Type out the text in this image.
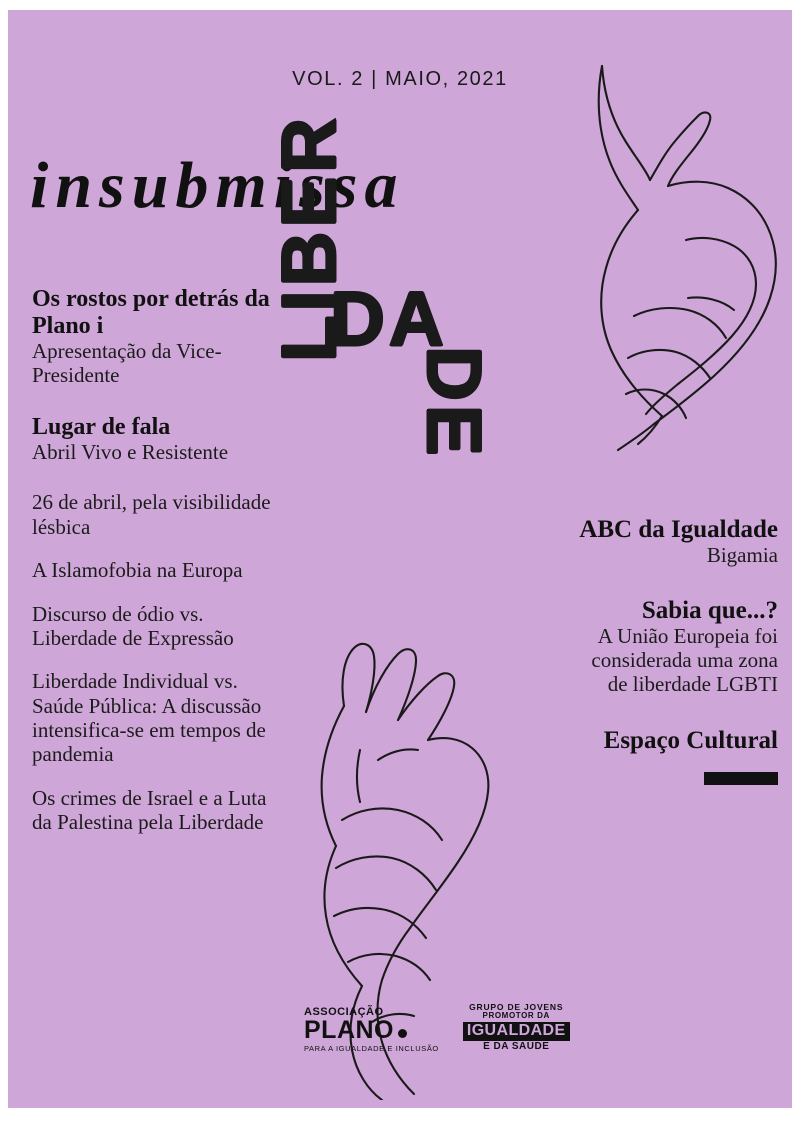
VOL. 2 | MAIO, 2021
insubmissa
LIBER
DA
DE
Os rostos por detrás da Plano i
Apresentação da Vice-Presidente
Lugar de fala
Abril Vivo e Resistente
26 de abril, pela visibilidade lésbica
A Islamofobia na Europa
Discurso de ódio vs. Liberdade de Expressão
Liberdade Individual vs. Saúde Pública: A discussão intensifica-se em tempos de pandemia
Os crimes de Israel e a Luta da Palestina pela Liberdade
ABC da Igualdade
Bigamia
Sabia que...?
A União Europeia foi considerada uma zona de liberdade LGBTI
Espaço Cultural
ASSOCIAÇÃO
PLANO
PARA A IGUALDADE E INCLUSÃO
GRUPO DE JOVENS
PROMOTOR DA
IGUALDADE
E DA SAÚDE
